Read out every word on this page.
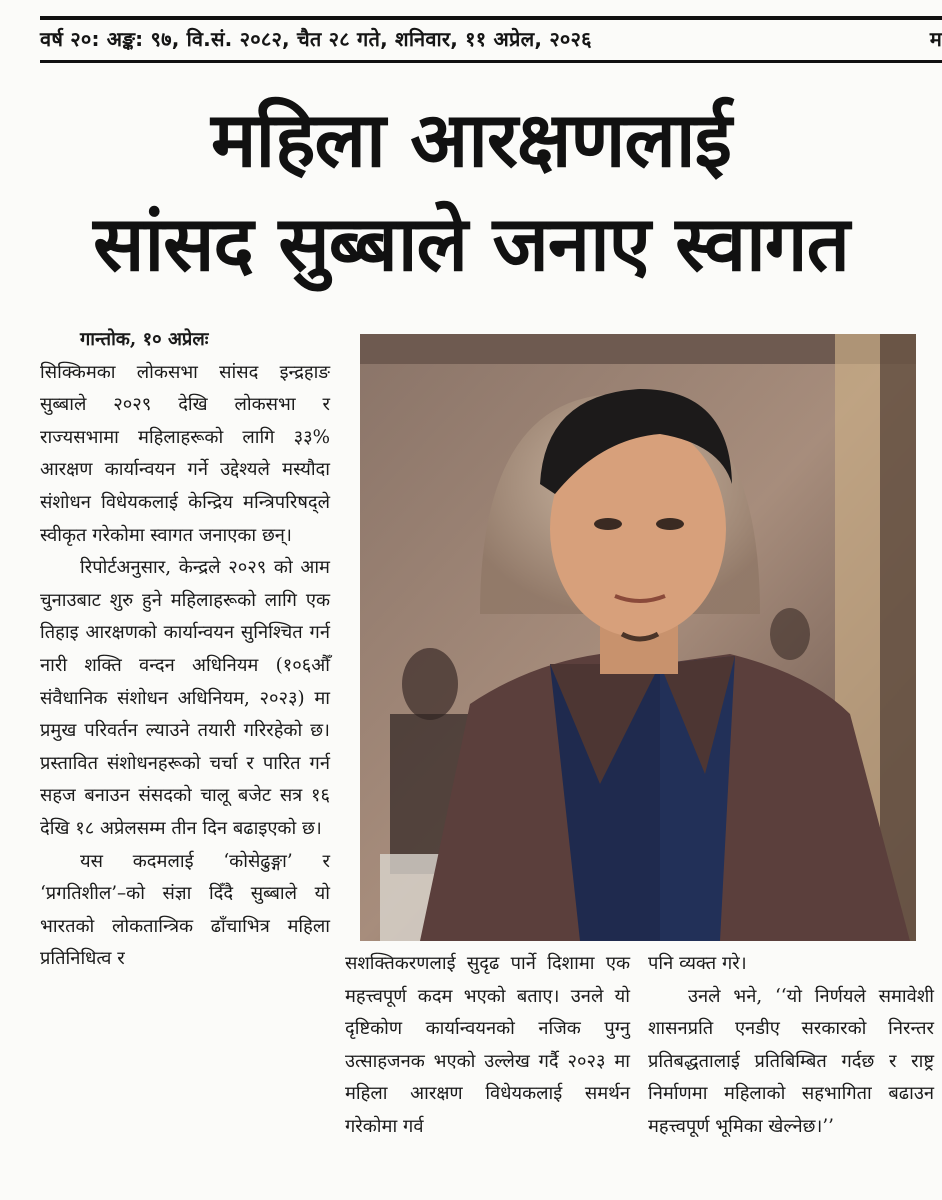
वर्ष २०: अङ्क: ९७, वि.सं. २०८२, चैत २८ गते, शनिवार, ११ अप्रेल, २०२६	म
महिला आरक्षणलाई
सांसद सुब्बाले जनाए स्वागत

गान्तोक, १० अप्रेलः

सिक्किमका लोकसभा सांसद इन्द्रहाङ सुब्बाले २०२९ देखि लोकसभा र राज्यसभामा महिलाहरूको लागि ३३% आरक्षण कार्यान्वयन गर्ने उद्देश्यले मस्यौदा संशोधन विधेयकलाई केन्द्रिय मन्त्रिपरिषद्ले स्वीकृत गरेकोमा स्वागत जनाएका छन्।

रिपोर्टअनुसार, केन्द्रले २०२९ को आम चुनाउबाट शुरु हुने महिलाहरूको लागि एक तिहाइ आरक्षणको कार्यान्वयन सुनिश्चित गर्न नारी शक्ति वन्दन अधिनियम (१०६औँ संवैधानिक संशोधन अधिनियम, २०२३) मा प्रमुख परिवर्तन ल्याउने तयारी गरिरहेको छ। प्रस्तावित संशोधनहरूको चर्चा र पारित गर्न सहज बनाउन संसदको चालू बजेट सत्र १६ देखि १८ अप्रेलसम्म तीन दिन बढाइएको छ।

यस कदमलाई ‘कोसेढुङ्गा’ र ‘प्रगतिशील’–को संज्ञा दिँदै सुब्बाले यो भारतको लोकतान्त्रिक ढाँचाभित्र महिला प्रतिनिधित्व र	सशक्तिकरणलाई सुदृढ पार्ने दिशामा एक महत्त्वपूर्ण कदम भएको बताए। उनले यो दृष्टिकोण कार्यान्वयनको नजिक पुग्नु उत्साहजनक भएको उल्लेख गर्दै २०२३ मा महिला आरक्षण विधेयकलाई समर्थन गरेकोमा गर्व

पनि व्यक्त गरे।

उनले भने, ‘‘यो निर्णयले समावेशी शासनप्रति एनडीए सरकारको निरन्तर प्रतिबद्धतालाई प्रतिबिम्बित गर्दछ र राष्ट्र निर्माणमा महिलाको सहभागिता बढाउन महत्त्वपूर्ण भूमिका खेल्नेछ।’’
